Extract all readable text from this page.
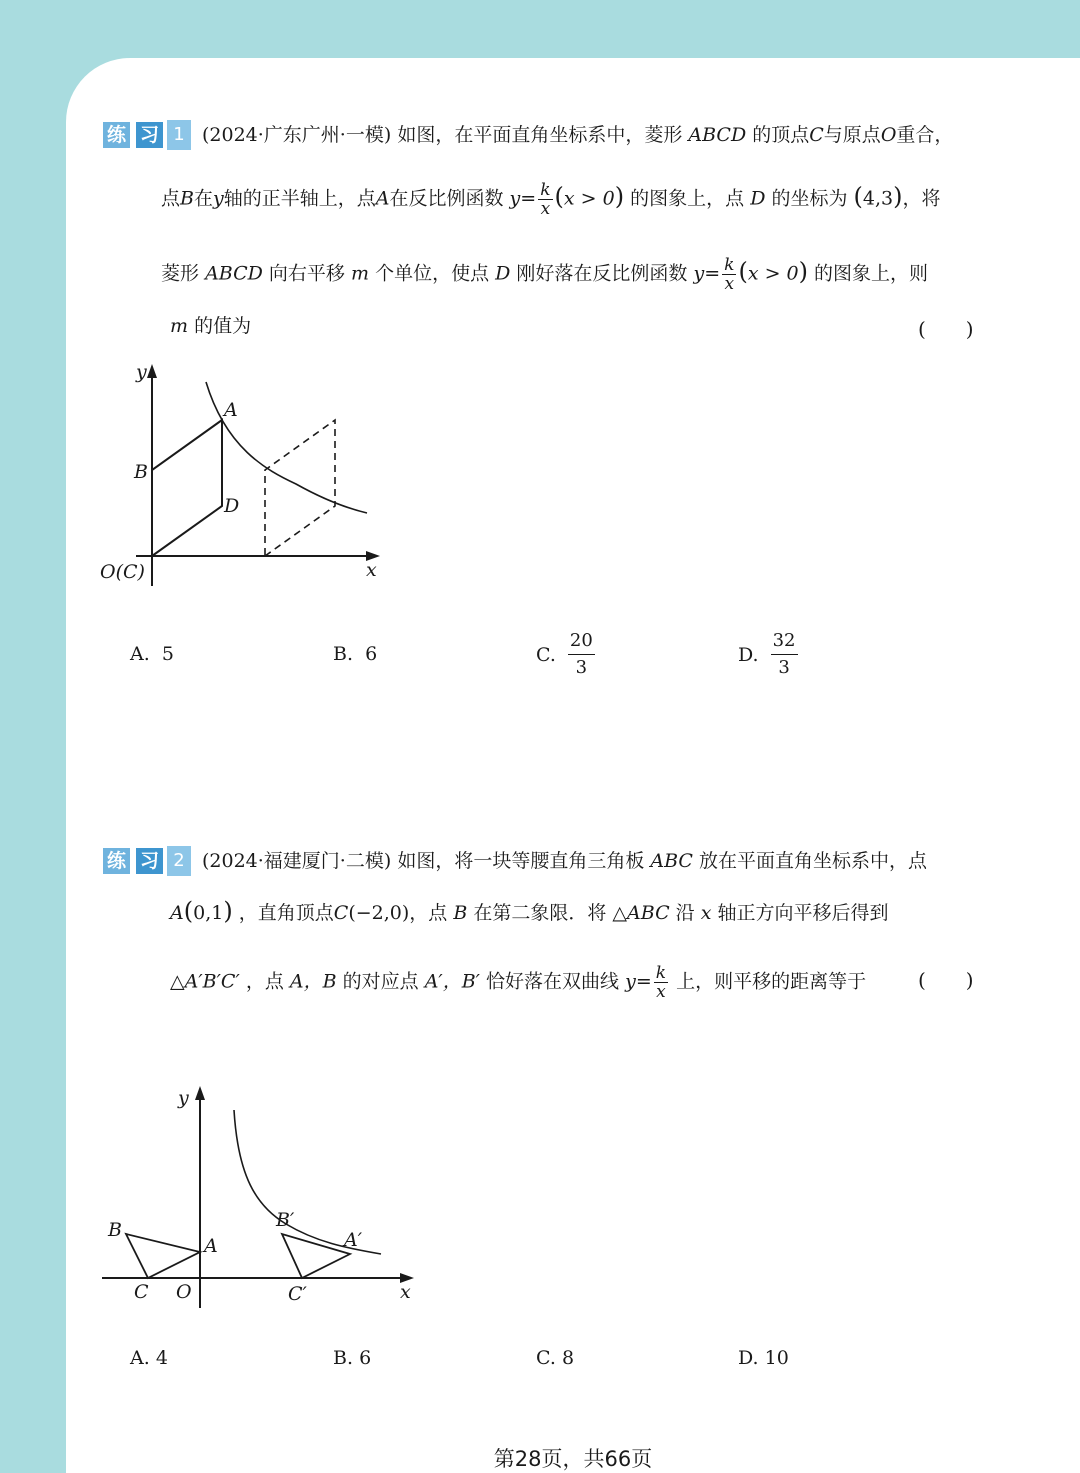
练 习 1 (2024·广东广州·一模) 如图，在平面直角坐标系中，菱形 ABCD 的顶点C与原点O重合，
点B在y轴的正半轴上，点A在反比例函数 $y= \frac{k}{x} (x > 0)$ 的图象上，点 D 的坐标为 (4,3)，将
菱形 ABCD 向右平移 m 个单位，使点 D 刚好落在反比例函数 $y= \frac{k}{x} (x > 0)$ 的图象上，则
m 的值为	(　　)
A
B
D
O(C)
y
x
A.
5	B.
6	C. $\frac{20}{3}$	D. $\frac{32}{3}$
练 习 2 (2024·福建厦门·二模) 如图，将一块等腰直角三角板 ABC 放在平面直角坐标系中，点
A(0,1) ，直角顶点C(−2,0)，点 B 在第二象限．将 △ABC 沿 x 轴正方向平移后得到
△A′B′C′ ，点 A，B 的对应点 A′，B′ 恰好落在双曲线 $y= \frac{k}{x}$ 上，则平移的距离等于	(　　)
B
A
C O
y
x
B′
A′
C′
A.
4	B.
6	C.
8	D.
10
第28页，共66页
